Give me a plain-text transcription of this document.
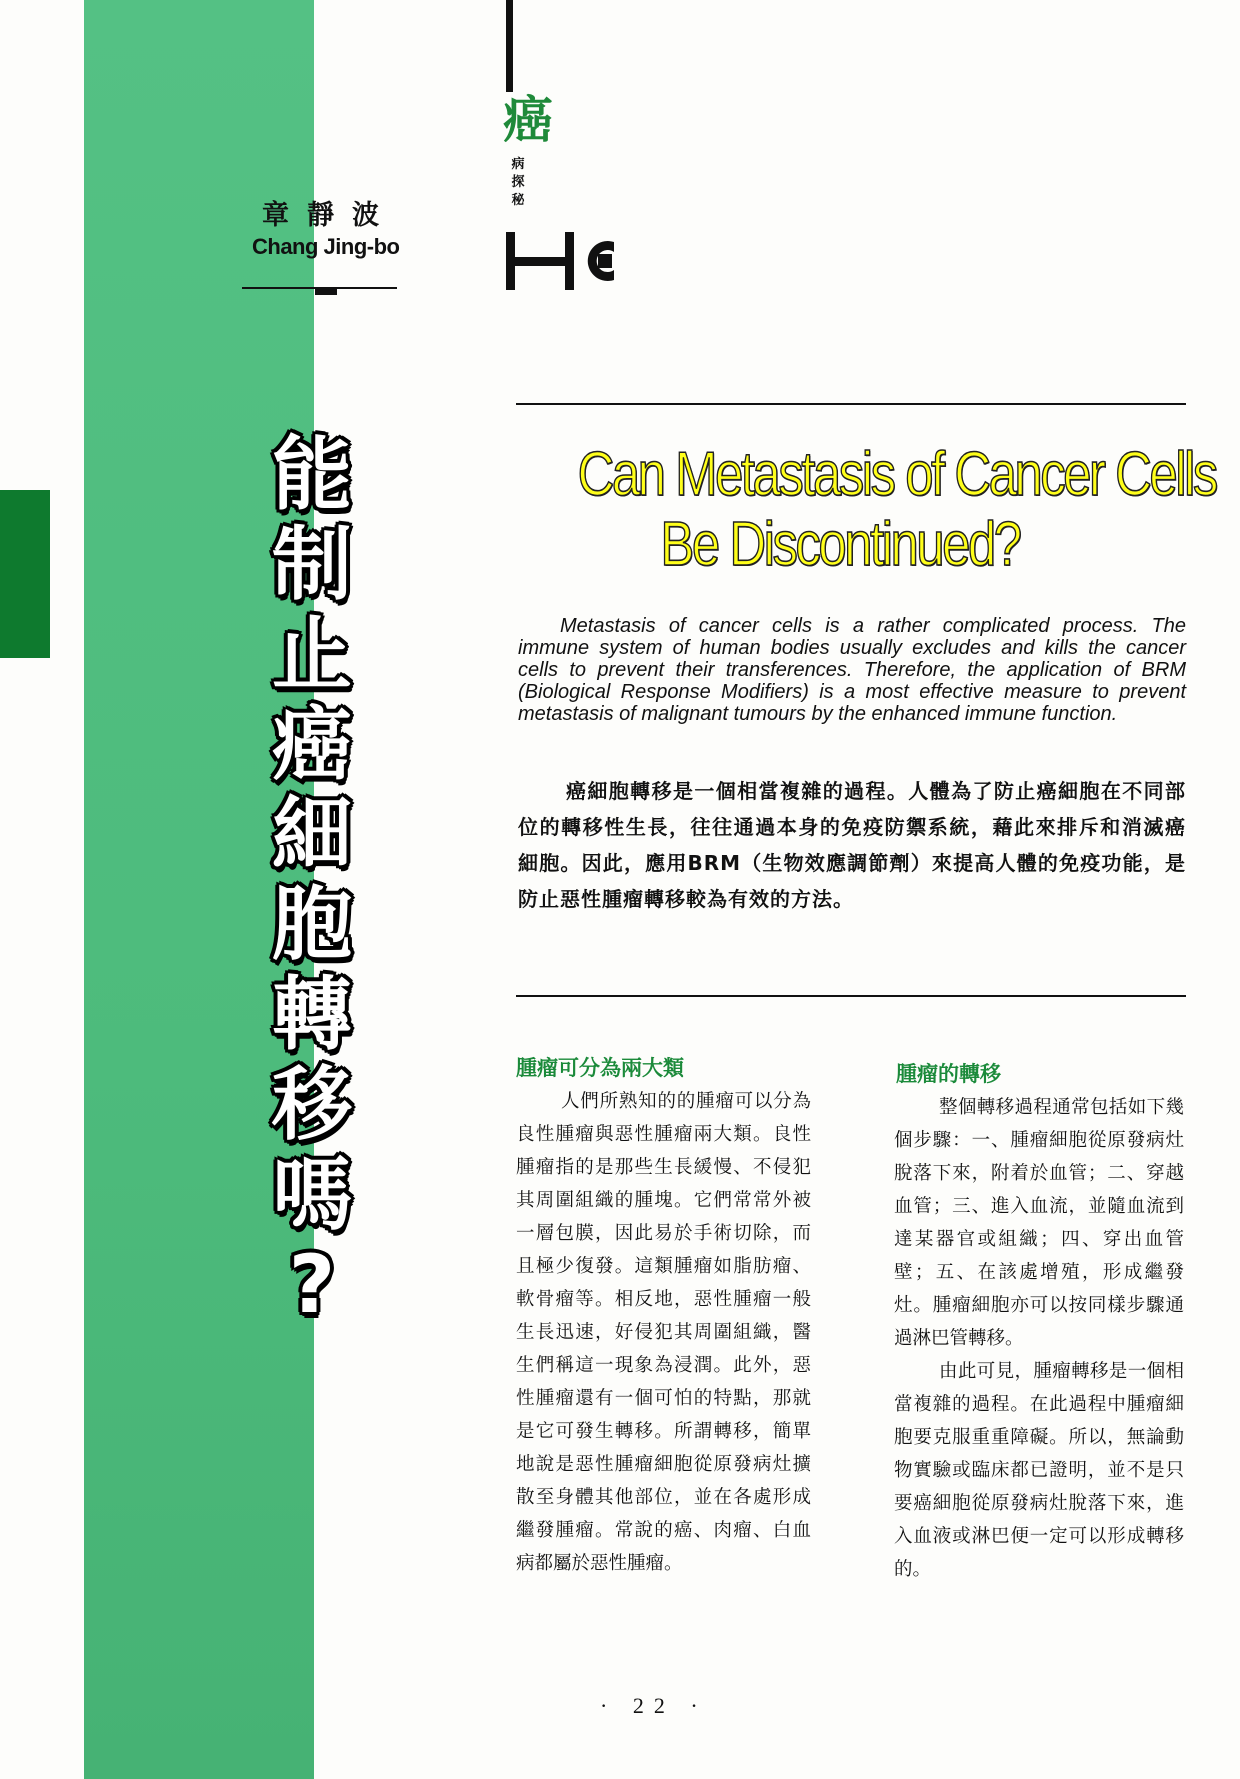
章靜波
Chang Jing-bo
能
制
止
癌
細
胞
轉
移
嗎
?
癌
病探秘
Can Metastasis of Cancer Cells
Be Discontinued?
Metastasis of cancer cells is a rather complicated process. The immune system of human bodies usually excludes and kills the cancer cells to prevent their transferences. Therefore, the application of BRM (Biological Response Modifiers) is a most effective measure to prevent metastasis of malignant tumours by the enhanced immune function.
癌細胞轉移是一個相當複雜的過程。人體為了防止癌細胞在不同部位的轉移性生長，往往通過本身的免疫防禦系統，藉此來排斥和消滅癌細胞。因此，應用BRM（生物效應調節劑）來提高人體的免疫功能，是防止惡性腫瘤轉移較為有效的方法。
腫瘤可分為兩大類

人們所熟知的的腫瘤可以分為良性腫瘤與惡性腫瘤兩大類。良性腫瘤指的是那些生長緩慢、不侵犯其周圍組織的腫塊。它們常常外被一層包膜，因此易於手術切除，而且極少復發。這類腫瘤如脂肪瘤、軟骨瘤等。相反地，惡性腫瘤一般生長迅速，好侵犯其周圍組織，醫生們稱這一現象為浸潤。此外，惡性腫瘤還有一個可怕的特點，那就是它可發生轉移。所謂轉移，簡單地說是惡性腫瘤細胞從原發病灶擴散至身體其他部位，並在各處形成繼發腫瘤。常說的癌、肉瘤、白血病都屬於惡性腫瘤。

腫瘤的轉移

整個轉移過程通常包括如下幾個步驟：一、腫瘤細胞從原發病灶脫落下來，附着於血管；二、穿越血管；三、進入血流，並隨血流到達某器官或組織；四、穿出血管壁；五、在該處增殖，形成繼發灶。腫瘤細胞亦可以按同樣步驟通過淋巴管轉移。

由此可見，腫瘤轉移是一個相當複雜的過程。在此過程中腫瘤細胞要克服重重障礙。所以，無論動物實驗或臨床都已證明，並不是只要癌細胞從原發病灶脫落下來，進入血液或淋巴便一定可以形成轉移的。

· 22 ·
